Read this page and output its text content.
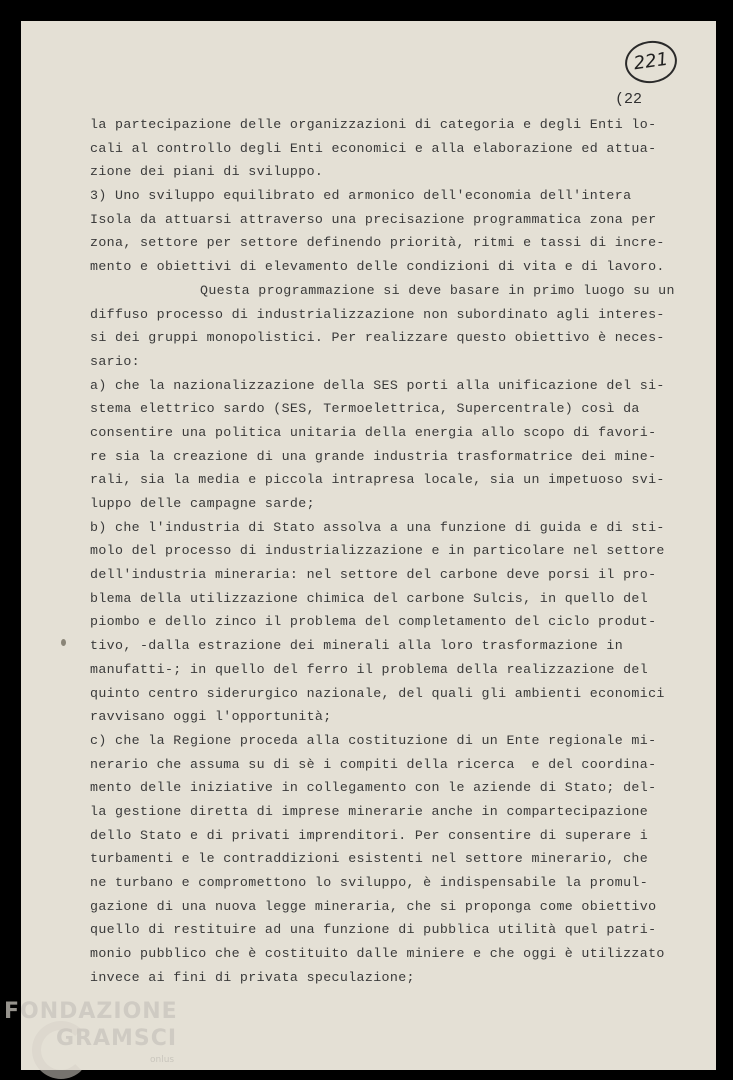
221
(22
la partecipazione delle organizzazioni di categoria e degli Enti lo-
cali al controllo degli Enti economici e alla elaborazione ed attua-
zione dei piani di sviluppo.
3) Uno sviluppo equilibrato ed armonico dell'economia dell'intera
Isola da attuarsi attraverso una precisazione programmatica zona per
zona, settore per settore definendo priorità, ritmi e tassi di incre-
mento e obiettivi di elevamento delle condizioni di vita e di lavoro.
Questa programmazione si deve basare in primo luogo su un
diffuso processo di industrializzazione non subordinato agli interes-
si dei gruppi monopolistici. Per realizzare questo obiettivo è neces-
sario:
a) che la nazionalizzazione della SES porti alla unificazione del si-
stema elettrico sardo (SES, Termoelettrica, Supercentrale) così da
consentire una politica unitaria della energia allo scopo di favori-
re sia la creazione di una grande industria trasformatrice dei mine-
rali, sia la media e piccola intrapresa locale, sia un impetuoso svi-
luppo delle campagne sarde;
b) che l'industria di Stato assolva a una funzione di guida e di sti-
molo del processo di industrializzazione e in particolare nel settore
dell'industria mineraria: nel settore del carbone deve porsi il pro-
blema della utilizzazione chimica del carbone Sulcis, in quello del
piombo e dello zinco il problema del completamento del ciclo produt-
tivo, -dalla estrazione dei minerali alla loro trasformazione in
manufatti-; in quello del ferro il problema della realizzazione del
quinto centro siderurgico nazionale, del quali gli ambienti economici
ravvisano oggi l'opportunità;
c) che la Regione proceda alla costituzione di un Ente regionale mi-
nerario che assuma su di sè i compiti della ricerca  e del coordina-
mento delle iniziative in collegamento con le aziende di Stato; del-
la gestione diretta di imprese minerarie anche in compartecipazione
dello Stato e di privati imprenditori. Per consentire di superare i
turbamenti e le contraddizioni esistenti nel settore minerario, che
ne turbano e compromettono lo sviluppo, è indispensabile la promul-
gazione di una nuova legge mineraria, che si proponga come obiettivo
quello di restituire ad una funzione di pubblica utilità quel patri-
monio pubblico che è costituito dalle miniere e che oggi è utilizzato
invece ai fini di privata speculazione;
FONDAZIONE
GRAMSCI
onlus
